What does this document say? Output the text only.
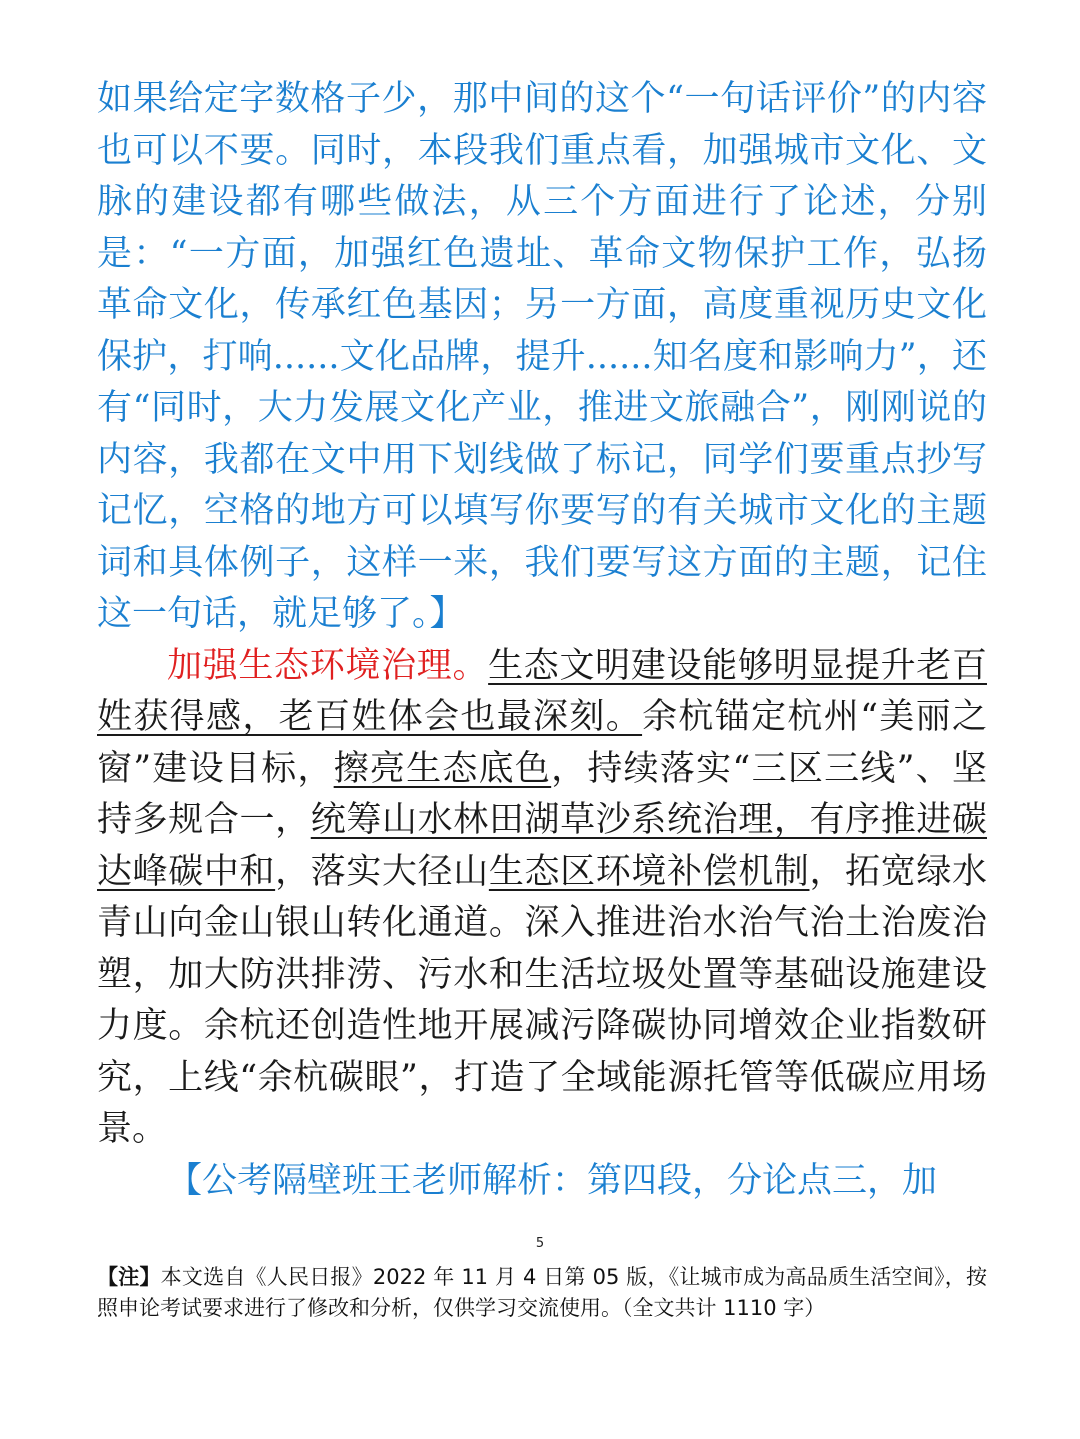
如果给定字数格子少，那中间的这个“一句话评价”的内容也可以不要。同时，本段我们重点看，加强城市文化、文脉的建设都有哪些做法，从三个方面进行了论述，分别是：“一方面，加强红色遗址、革命文物保护工作，弘扬革命文化，传承红色基因；另一方面，高度重视历史文化保护，打响......文化品牌，提升......知名度和影响力”，还有“同时，大力发展文化产业，推进文旅融合”，刚刚说的内容，我都在文中用下划线做了标记，同学们要重点抄写记忆，空格的地方可以填写你要写的有关城市文化的主题词和具体例子，这样一来，我们要写这方面的主题，记住这一句话，就足够了。】

加强生态环境治理。生态文明建设能够明显提升老百姓获得感，老百姓体会也最深刻。余杭锚定杭州“美丽之窗”建设目标，擦亮生态底色，持续落实“三区三线”、坚持多规合一，统筹山水林田湖草沙系统治理，有序推进碳达峰碳中和，落实大径山生态区环境补偿机制，拓宽绿水青山向金山银山转化通道。深入推进治水治气治土治废治塑，加大防洪排涝、污水和生活垃圾处置等基础设施建设力度。余杭还创造性地开展减污降碳协同增效企业指数研究，上线“余杭碳眼”，打造了全域能源托管等低碳应用场景。

【公考隔壁班王老师解析：第四段，分论点三，加

5
【注】本文选自《人民日报》2022 年 11 月 4 日第 05 版，《让城市成为高品质生活空间》，按照申论考试要求进行了修改和分析，仅供学习交流使用。（全文共计 1110 字）
